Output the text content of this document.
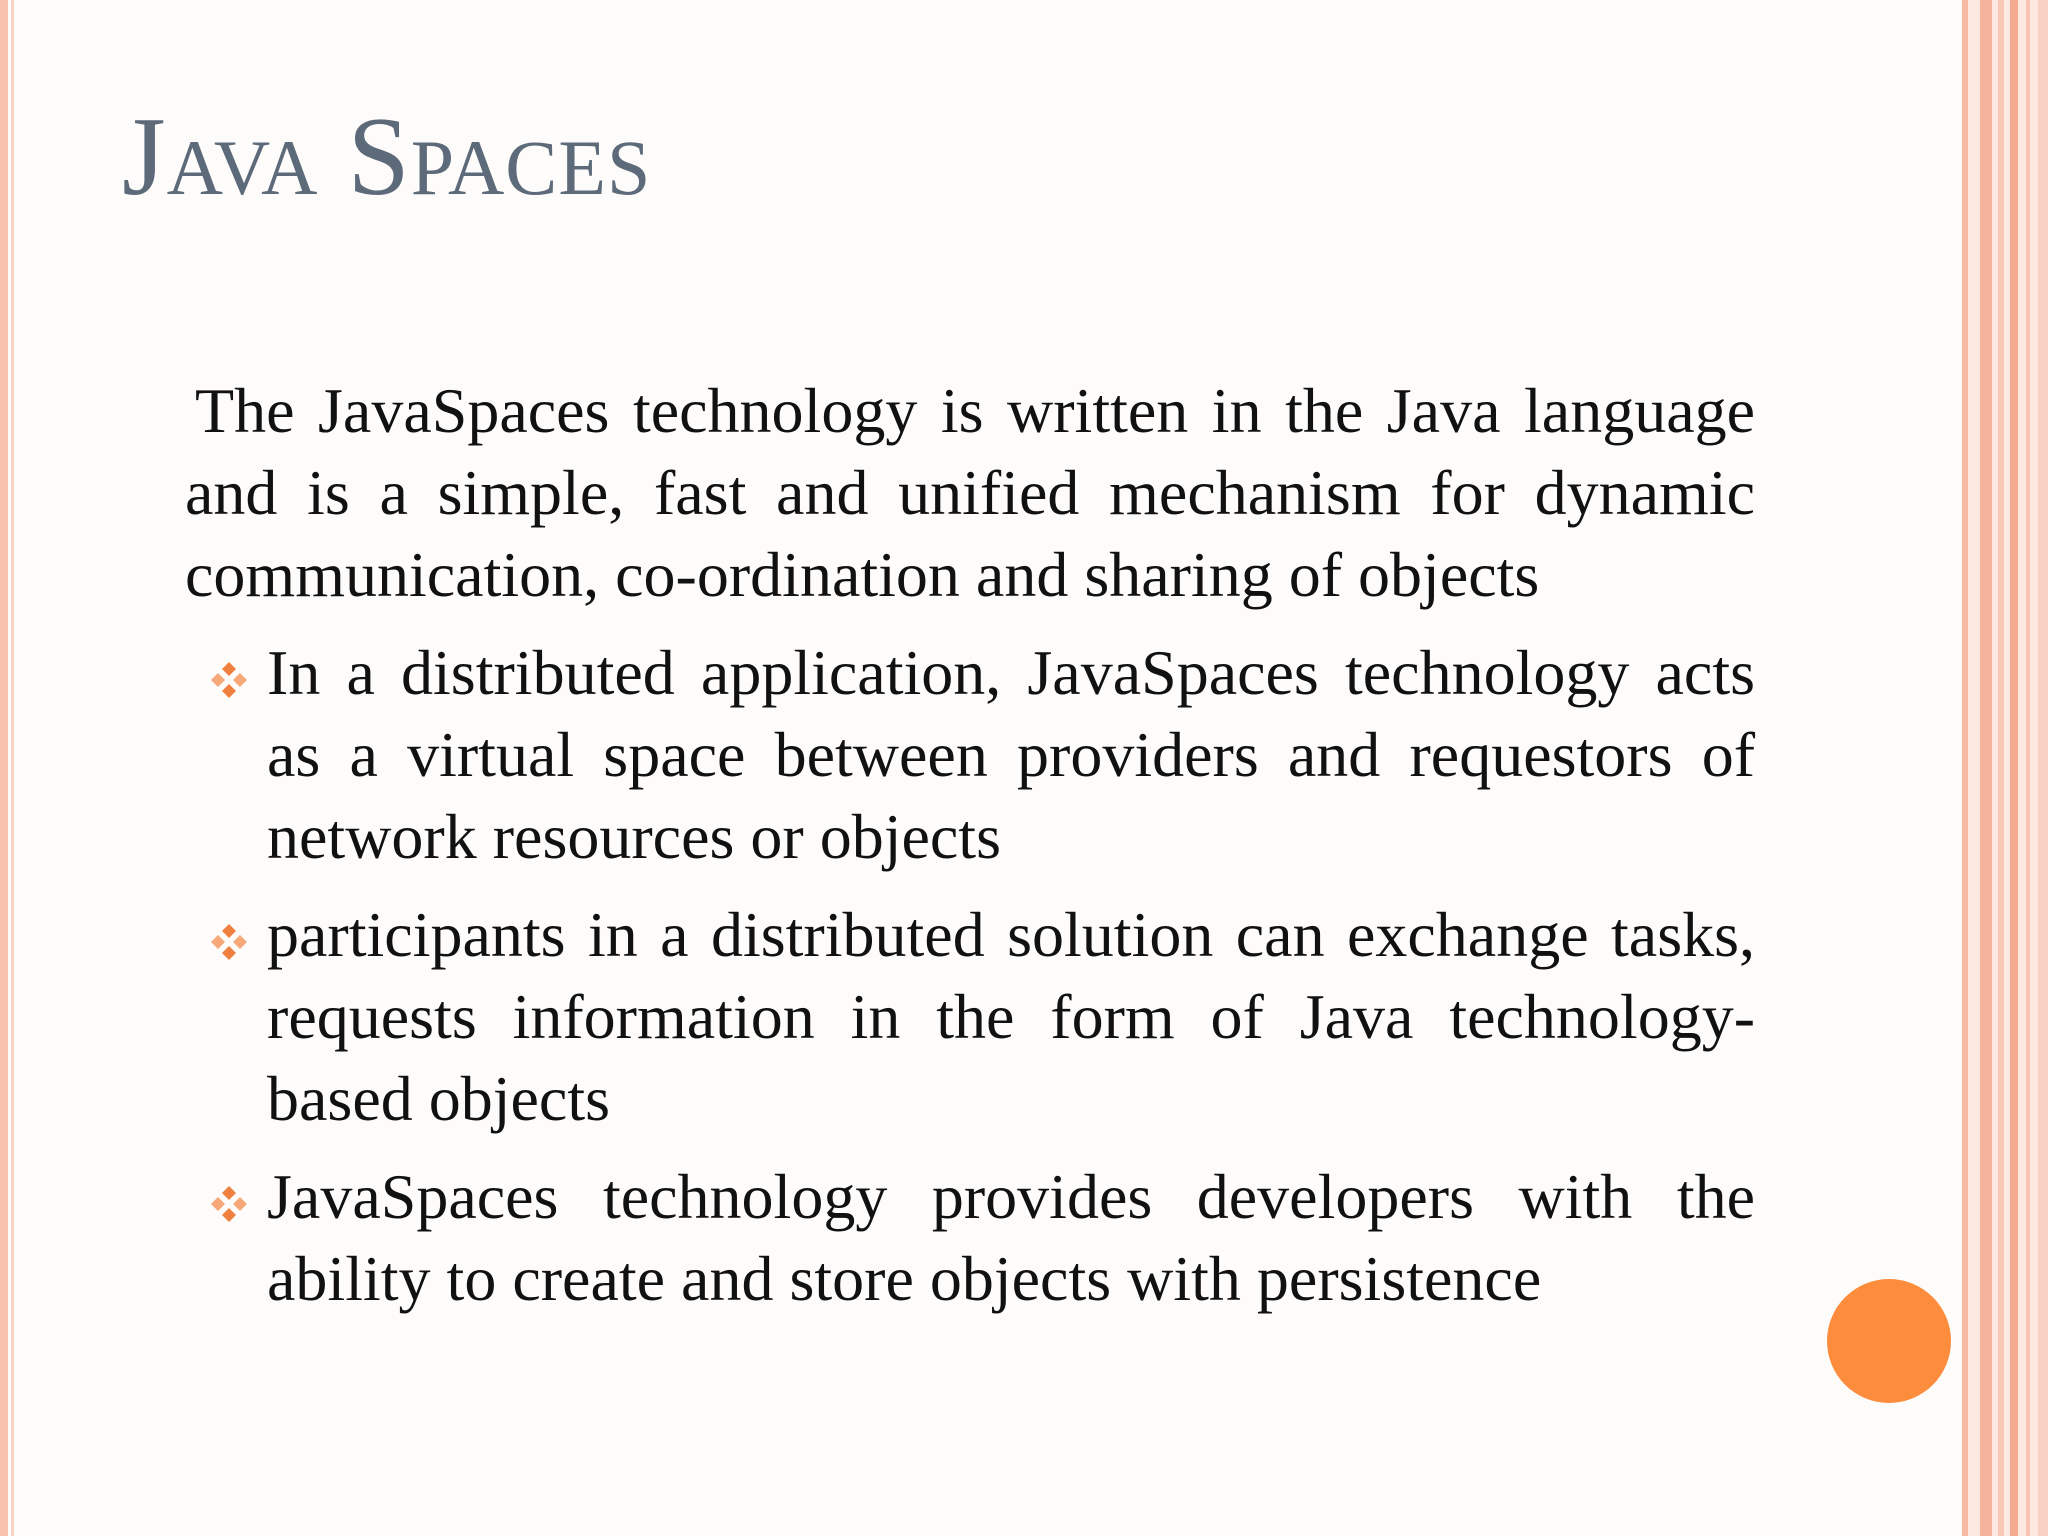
Java Spaces

The JavaSpaces technology is written in the Java language and is a simple, fast and unified mechanism for dynamic communication, co-ordination and sharing of objects

In a distributed application, JavaSpaces technology acts as a virtual space between providers and requestors of network resources or objects
participants in a distributed solution can exchange tasks, requests information in the form of Java technology-based objects
JavaSpaces technology provides developers with the ability to create and store objects with persistence
